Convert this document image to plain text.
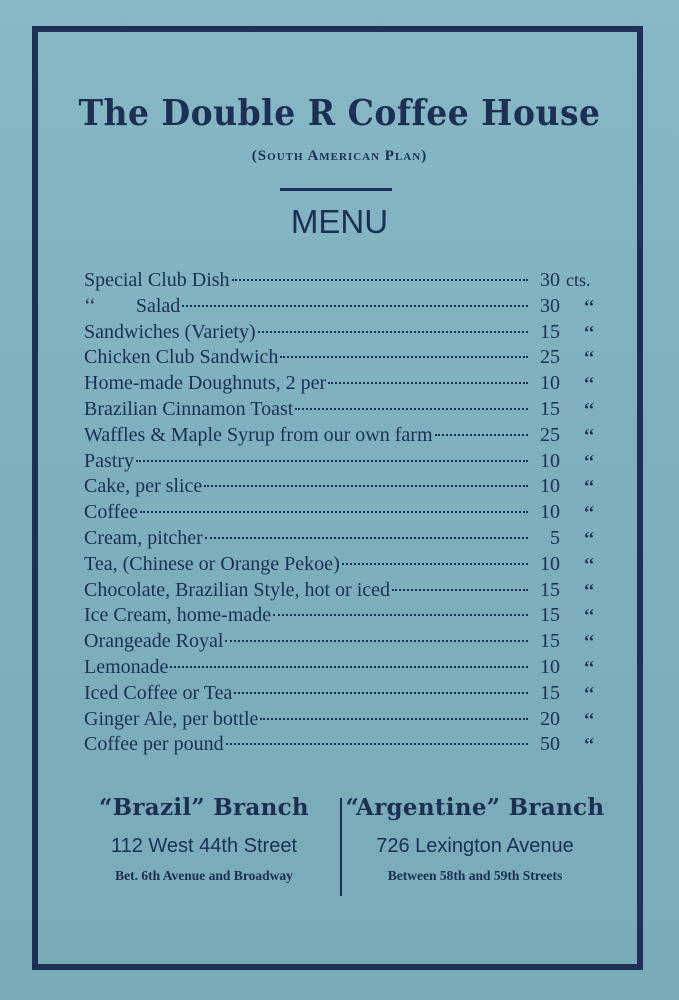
The Double R Coffee House
(South American Plan)
MENU
Special Club Dish	30 cts.
‘‘        Salad	30	‘‘
Sandwiches (Variety)	15	‘‘
Chicken Club Sandwich	25	‘‘
Home-made Doughnuts, 2 per	10	‘‘
Brazilian Cinnamon Toast	15	‘‘
Waffles & Maple Syrup from our own farm	25	‘‘
Pastry	10	‘‘
Cake, per slice	10	‘‘
Coffee	10	‘‘
Cream, pitcher	5	‘‘
Tea, (Chinese or Orange Pekoe)	10	‘‘
Chocolate, Brazilian Style, hot or iced	15	‘‘
Ice Cream, home-made	15	‘‘
Orangeade Royal	15	‘‘
Lemonade	10	‘‘
Iced Coffee or Tea	15	‘‘
Ginger Ale, per bottle	20	‘‘
Coffee per pound	50	‘‘
“Brazil” Branch
112 West 44th Street
Bet. 6th Avenue and Broadway
“Argentine” Branch
726 Lexington Avenue
Between 58th and 59th Streets
